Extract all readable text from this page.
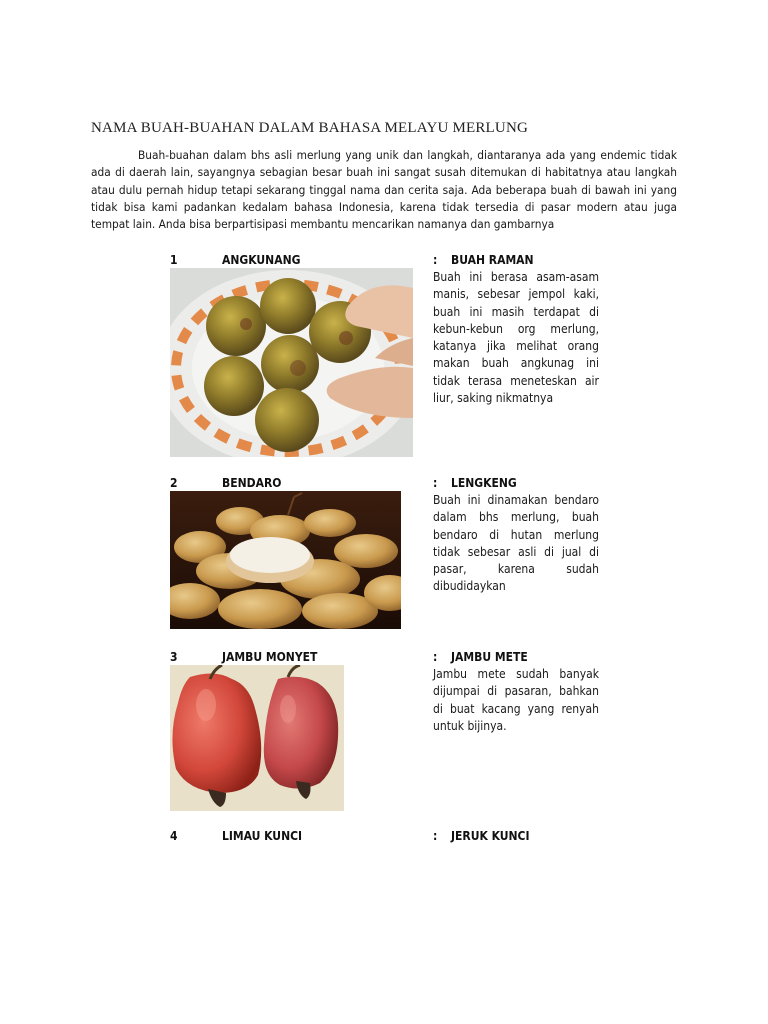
NAMA BUAH-BUAHAN DALAM BAHASA MELAYU MERLUNG

Buah-buahan dalam bhs asli merlung yang unik dan langkah, diantaranya ada yang endemic tidak ada di daerah lain, sayangnya sebagian besar buah ini sangat susah ditemukan di habitatnya atau langkah atau dulu pernah hidup tetapi sekarang tinggal nama dan cerita saja. Ada beberapa buah di bawah ini yang tidak bisa kami padankan kedalam bahasa Indonesia, karena tidak tersedia di pasar modern atau juga tempat lain. Anda bisa berpartisipasi membantu mencarikan namanya dan gambarnya

1	ANGKUNANG	: BUAH RAMAN

Buah ini berasa asam-asam manis, sebesar jempol kaki, buah ini masih terdapat di kebun-kebun org merlung, katanya jika melihat orang makan buah angkunag ini tidak terasa meneteskan air liur, saking nikmatnya

2	BENDARO	: LENGKENG

Buah ini dinamakan bendaro dalam bhs merlung, buah bendaro di hutan merlung tidak sebesar asli di jual di pasar, karena sudah dibudidaykan

3	JAMBU MONYET	: JAMBU METE

Jambu mete sudah banyak dijumpai di pasaran, bahkan di buat kacang yang renyah untuk bijinya.

4	LIMAU KUNCI	: JERUK KUNCI
